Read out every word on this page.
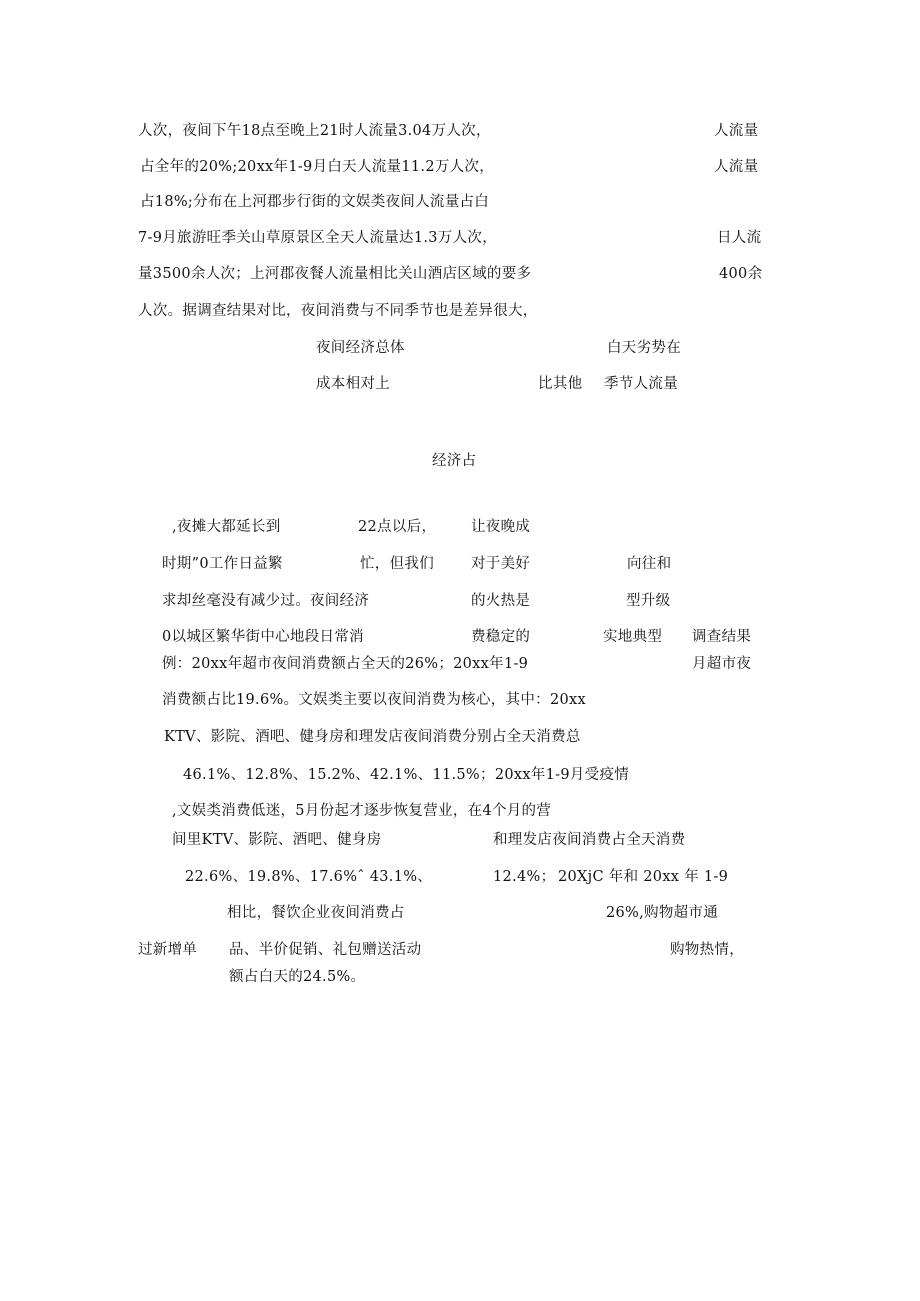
人次，夜间下午18点至晚上21时人流量3.04万人次，	人流量
占全年的20%;20xx年1-9月白天人流量11.2万人次，	人流量
占18%;分布在上河郡步行街的文娱类夜间人流量占白
7-9月旅游旺季关山草原景区全天人流量达1.3万人次，	日人流
量3500余人次；上河郡夜餐人流量相比关山酒店区域的要多	400余
人次。据调查结果对比，夜间消费与不同季节也是差异很大，
夜间经济总体	白天劣势在
成本相对上	比其他 季节人流量
经济占
,夜摊大都延长到	22点以后， 让夜晚成
时期”0工作日益繁	忙，但我们	对于美好	向往和
求却丝毫没有减少过。夜间经济	的火热是	型升级
0以城区繁华街中心地段日常消	费稳定的	实地典型 调查结果
例：20xx年超市夜间消费额占全天的26%；20xx年1-9	月超市夜
消费额占比19.6%。文娱类主要以夜间消费为核心，其中：20xx
KTV、影院、酒吧、健身房和理发店夜间消费分别占全天消费总
46.1%、12.8%、15.2%、42.1%、11.5%；20xx年1-9月受疫情
,文娱类消费低迷，5月份起才逐步恢复营业，在4个月的营
间里KTV、影院、酒吧、健身房	和理发店夜间消费占全天消费
22.6%、19.8%、17.6%ˆ 43.1%、	12.4%； 20XjC 年和 20xx 年 1-9
相比，餐饮企业夜间消费占	26%,购物超市通
过新增单 品、半价促销、礼包赠送活动	购物热情，
额占白天的24.5%。
